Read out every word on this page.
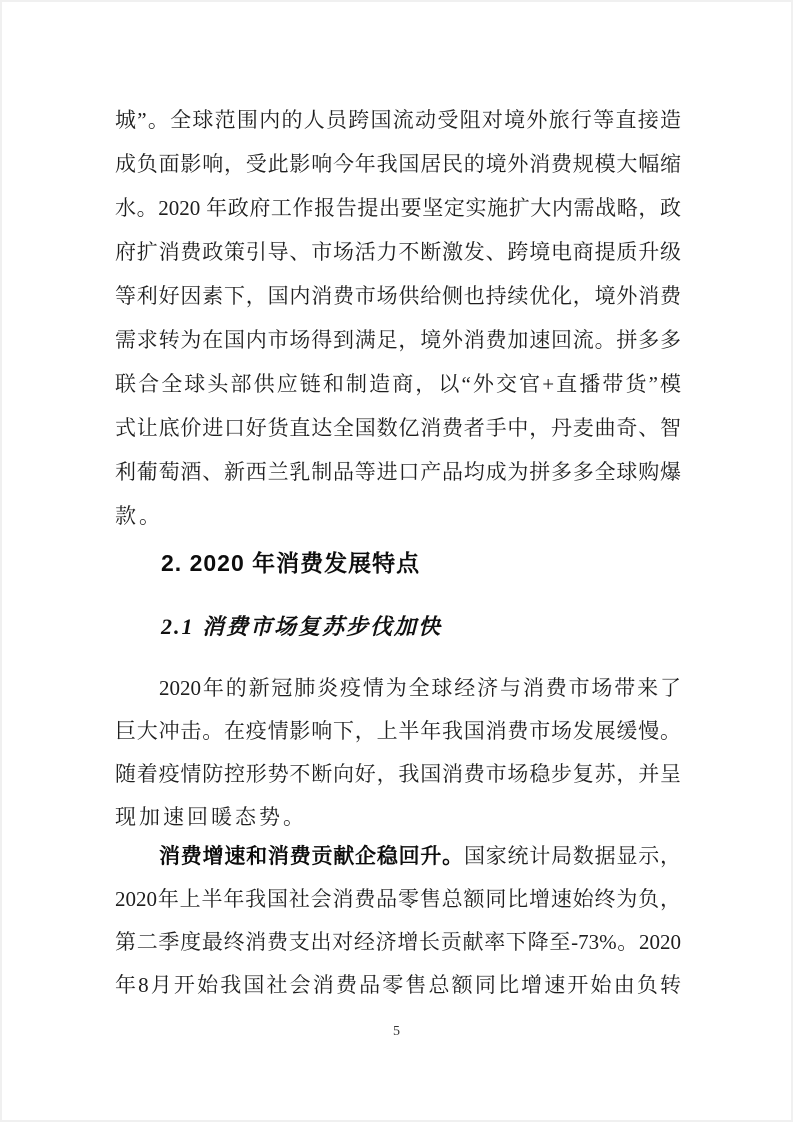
城”。全球范围内的人员跨国流动受阻对境外旅行等直接造
成负面影响，受此影响今年我国居民的境外消费规模大幅缩
水。2020 年政府工作报告提出要坚定实施扩大内需战略，政
府扩消费政策引导、市场活力不断激发、跨境电商提质升级
等利好因素下，国内消费市场供给侧也持续优化，境外消费
需求转为在国内市场得到满足，境外消费加速回流。拼多多
联合全球头部供应链和制造商，以“外交官+直播带货”模
式让底价进口好货直达全国数亿消费者手中，丹麦曲奇、智
利葡萄酒、新西兰乳制品等进口产品均成为拼多多全球购爆
款。
2. 2020 年消费发展特点
2.1 消费市场复苏步伐加快
2020年的新冠肺炎疫情为全球经济与消费市场带来了
巨大冲击。在疫情影响下，上半年我国消费市场发展缓慢。
随着疫情防控形势不断向好，我国消费市场稳步复苏，并呈
现加速回暖态势。
消费增速和消费贡献企稳回升。国家统计局数据显示，
2020年上半年我国社会消费品零售总额同比增速始终为负，
第二季度最终消费支出对经济增长贡献率下降至-73%。2020
年8月开始我国社会消费品零售总额同比增速开始由负转
5
